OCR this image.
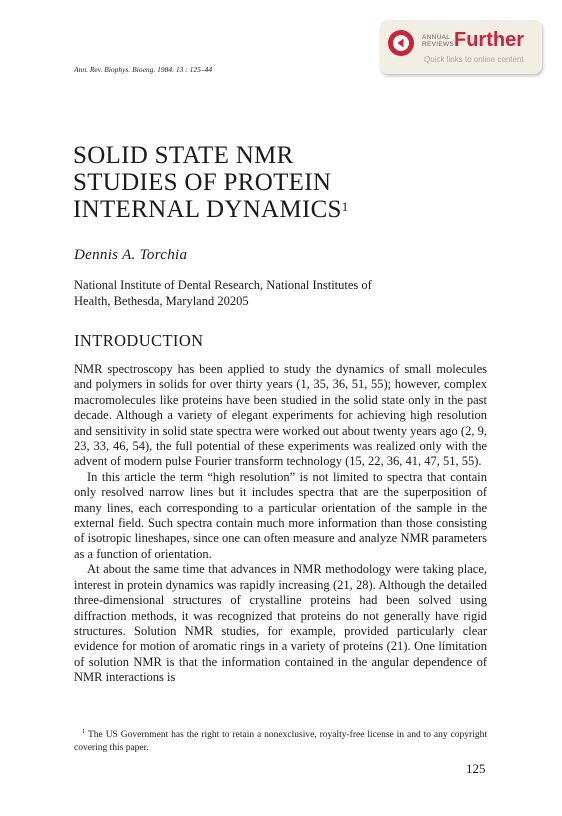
ANNUAL
REVIEWS Further
Quick links to online content
Ann. Rev. Biophys. Bioeng. 1984. 13 : 125–44
SOLID STATE NMR
STUDIES OF PROTEIN
INTERNAL DYNAMICS$^1$
Dennis A. Torchia
National Institute of Dental Research, National Institutes of
Health, Bethesda, Maryland 20205
INTRODUCTION

NMR spectroscopy has been applied to study the dynamics of small molecules and polymers in solids for over thirty years (1, 35, 36, 51, 55); however, complex macromolecules like proteins have been studied in the solid state only in the past decade. Although a variety of elegant experiments for achieving high resolution and sensitivity in solid state spectra were worked out about twenty years ago (2, 9, 23, 33, 46, 54), the full potential of these experiments was realized only with the advent of modern pulse Fourier transform technology (15, 22, 36, 41, 47, 51, 55).

In this article the term “high resolution” is not limited to spectra that contain only resolved narrow lines but it includes spectra that are the superposition of many lines, each corresponding to a particular orientation of the sample in the external field. Such spectra contain much more information than those consisting of isotropic lineshapes, since one can often measure and analyze NMR parameters as a function of orientation.

At about the same time that advances in NMR methodology were taking place, interest in protein dynamics was rapidly increasing (21, 28). Although the detailed three-dimensional structures of crystalline proteins had been solved using diffraction methods, it was recognized that proteins do not generally have rigid structures. Solution NMR studies, for example, provided particularly clear evidence for motion of aromatic rings in a variety of proteins (21). One limitation of solution NMR is that the information contained in the angular dependence of NMR interactions is

$^1$ The US Government has the right to retain a nonexclusive, royalty-free license in and to any copyright covering this paper.
125
